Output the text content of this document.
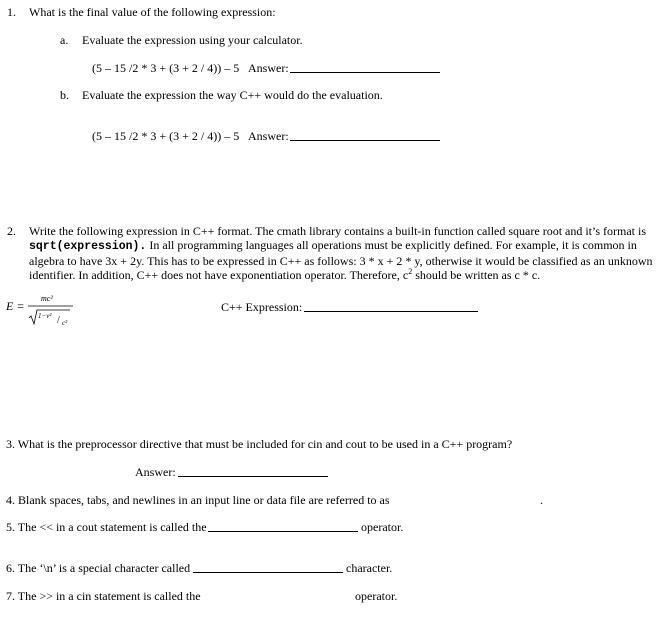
1. What is the final value of the following expression:
a. Evaluate the expression using your calculator.
(5 – 15 /2 * 3 + (3 + 2 / 4)) – 5 Answer:
b. Evaluate the expression the way C++ would do the evaluation.
(5 – 15 /2 * 3 + (3 + 2 / 4)) – 5 Answer:
2. Write the following expression in C++ format. The cmath library contains a built-in function called square root and it’s format is sqrt(expression). In all programming languages all operations must be explicitly defined. For example, it is common in algebra to have 3x + 2y. This has to be expressed in C++ as follows: 3 * x + 2 * y, otherwise it would be classified as an unknown identifier. In addition, C++ does not have exponentiation operator. Therefore, $c^2$ should be written as c * c.
E =
mc²
1−v² / c²
C++ Expression:
3. What is the preprocessor directive that must be included for cin and cout to be used in a C++ program?
Answer:
4. Blank spaces, tabs, and newlines in an input line or data file are referred to as	.
5. The << in a cout statement is called the	operator.
6. The ‘\n’ is a special character called	character.
7. The >> in a cin statement is called the	operator.
